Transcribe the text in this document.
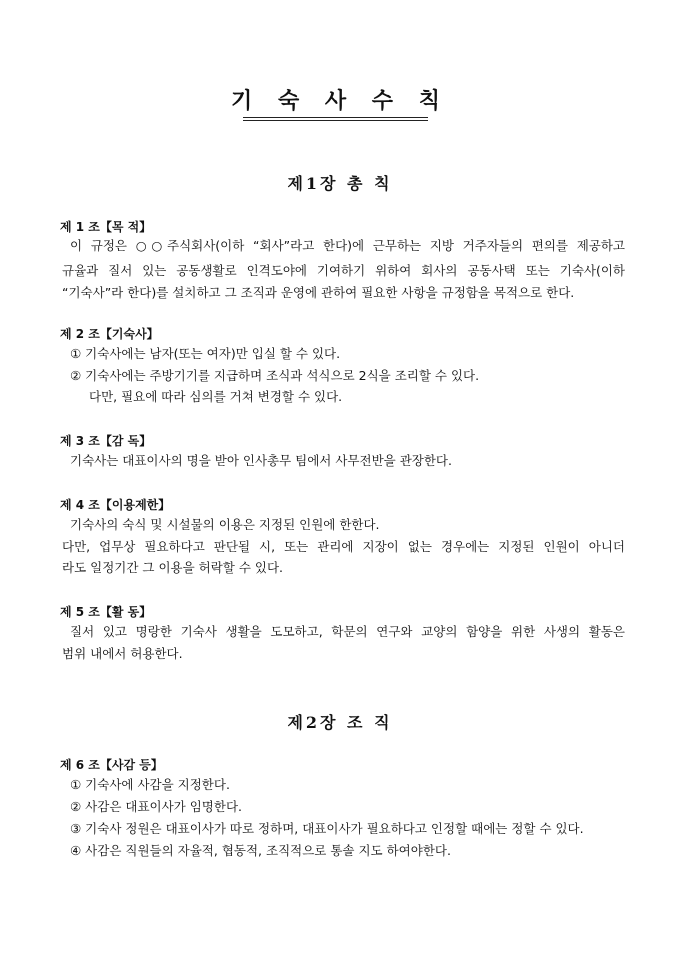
기 숙 사 수 칙
제1장 총 칙
제 1 조【목 적】
이 규정은 ○○주식회사(이하 “회사”라고 한다)에 근무하는 지방 거주자들의 편의를 제공하고
규율과 질서 있는 공동생활로 인격도야에 기여하기 위하여 회사의 공동사택 또는 기숙사(이하
“기숙사”라 한다)를 설치하고 그 조직과 운영에 관하여 필요한 사항을 규정함을 목적으로 한다.
제 2 조【기숙사】
① 기숙사에는 남자(또는 여자)만 입실 할 수 있다.
② 기숙사에는 주방기기를 지급하며 조식과 석식으로 2식을 조리할 수 있다.
다만, 필요에 따라 심의를 거쳐 변경할 수 있다.
제 3 조【감 독】
기숙사는 대표이사의 명을 받아 인사총무 팀에서 사무전반을 관장한다.
제 4 조【이용제한】
기숙사의 숙식 및 시설물의 이용은 지정된 인원에 한한다.
다만, 업무상 필요하다고 판단될 시, 또는 관리에 지장이 없는 경우에는 지정된 인원이 아니더
라도 일정기간 그 이용을 허락할 수 있다.
제 5 조【활 동】
질서 있고 명랑한 기숙사 생활을 도모하고, 학문의 연구와 교양의 함양을 위한 사생의 활동은
범위 내에서 허용한다.
제2장 조 직
제 6 조【사감 등】
① 기숙사에 사감을 지정한다.
② 사감은 대표이사가 임명한다.
③ 기숙사 정원은 대표이사가 따로 정하며, 대표이사가 필요하다고 인정할 때에는 정할 수 있다.
④ 사감은 직원들의 자율적, 협동적, 조직적으로 통솔 지도 하여야한다.
